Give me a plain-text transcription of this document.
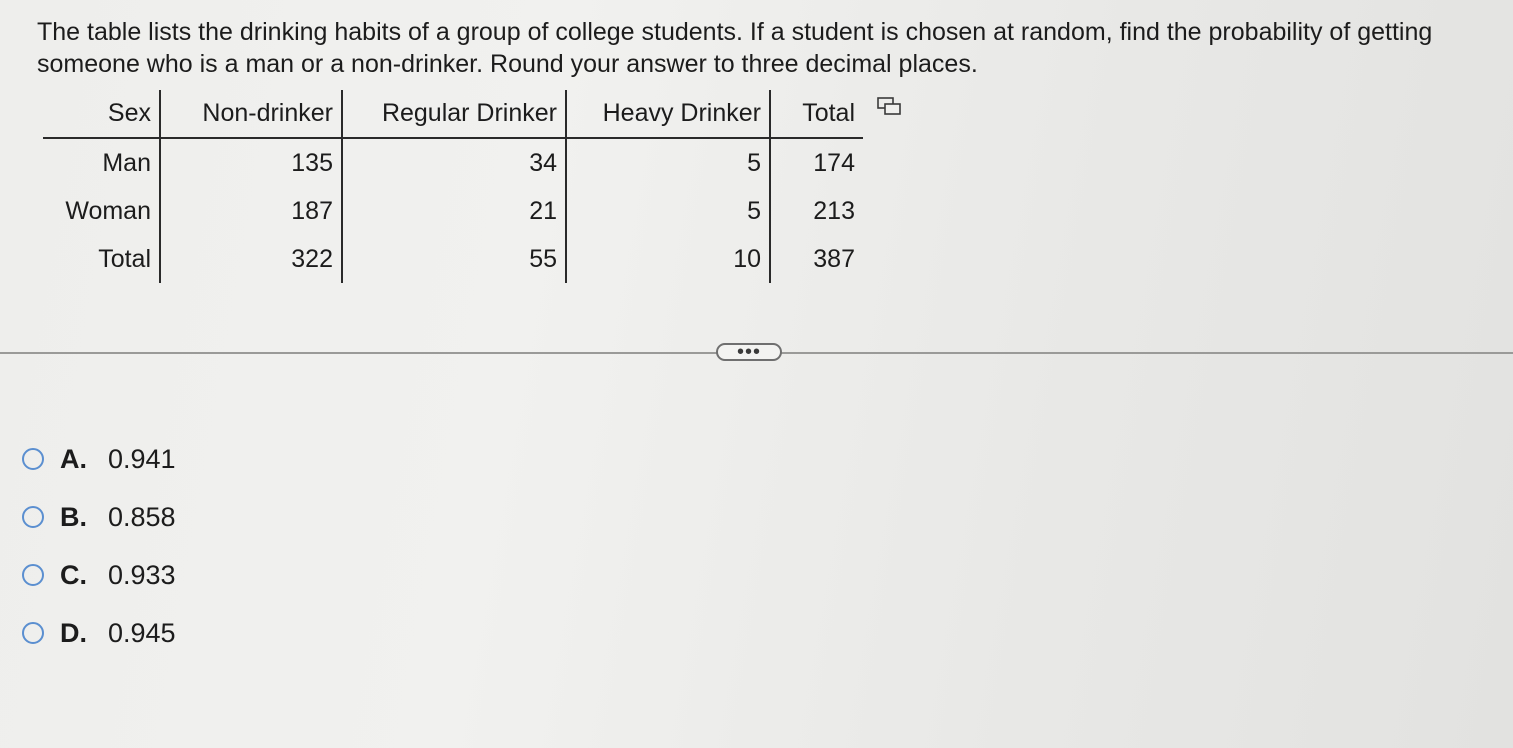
The table lists the drinking habits of a group of college students. If a student is chosen at random, find the probability of getting someone who is a man or a non-drinker. Round your answer to three decimal places.

Sex	Non-drinker	Regular Drinker	Heavy Drinker	Total
Man	135	34	5	174
Woman	187	21	5	213
Total	322	55	10	387
•••
A. 0.941
B. 0.858
C. 0.933
D. 0.945
